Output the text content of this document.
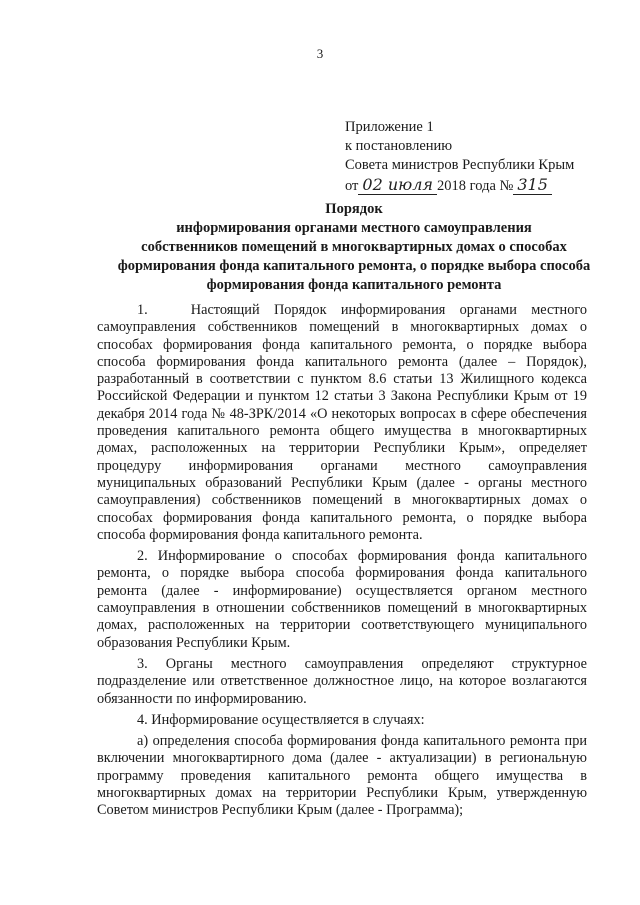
3
Приложение 1
к постановлению
Совета министров Республики Крым
от 02 июля 2018 года № 315
Порядок
информирования органами местного самоуправления
собственников помещений в многоквартирных домах о способах
формирования фонда капитального ремонта, о порядке выбора способа
формирования фонда капитального ремонта

1.   Настоящий Порядок информирования органами местного самоуправления собственников помещений в многоквартирных домах о способах формирования фонда капитального ремонта, о порядке выбора способа формирования фонда капитального ремонта (далее – Порядок), разработанный в соответствии с пунктом 8.6 статьи 13 Жилищного кодекса Российской Федерации и пунктом 12 статьи 3 Закона Республики Крым от 19 декабря 2014 года № 48-ЗРК/2014 «О некоторых вопросах в сфере обеспечения проведения капитального ремонта общего имущества в многоквартирных домах, расположенных на территории Республики Крым», определяет процедуру информирования органами местного самоуправления муниципальных образований Республики Крым (далее - органы местного самоуправления) собственников помещений в многоквартирных домах о способах формирования фонда капитального ремонта, о порядке выбора способа формирования фонда капитального ремонта.

2. Информирование о способах формирования фонда капитального ремонта, о порядке выбора способа формирования фонда капитального ремонта (далее - информирование) осуществляется органом местного самоуправления в отношении собственников помещений в многоквартирных домах, расположенных на территории соответствующего муниципального образования Республики Крым.

3. Органы местного самоуправления определяют структурное подразделение или ответственное должностное лицо, на которое возлагаются обязанности по информированию.

4. Информирование осуществляется в случаях:

а) определения способа формирования фонда капитального ремонта при включении многоквартирного дома (далее - актуализации) в региональную программу проведения капитального ремонта общего имущества в многоквартирных домах на территории Республики Крым, утвержденную Советом министров Республики Крым (далее - Программа);
